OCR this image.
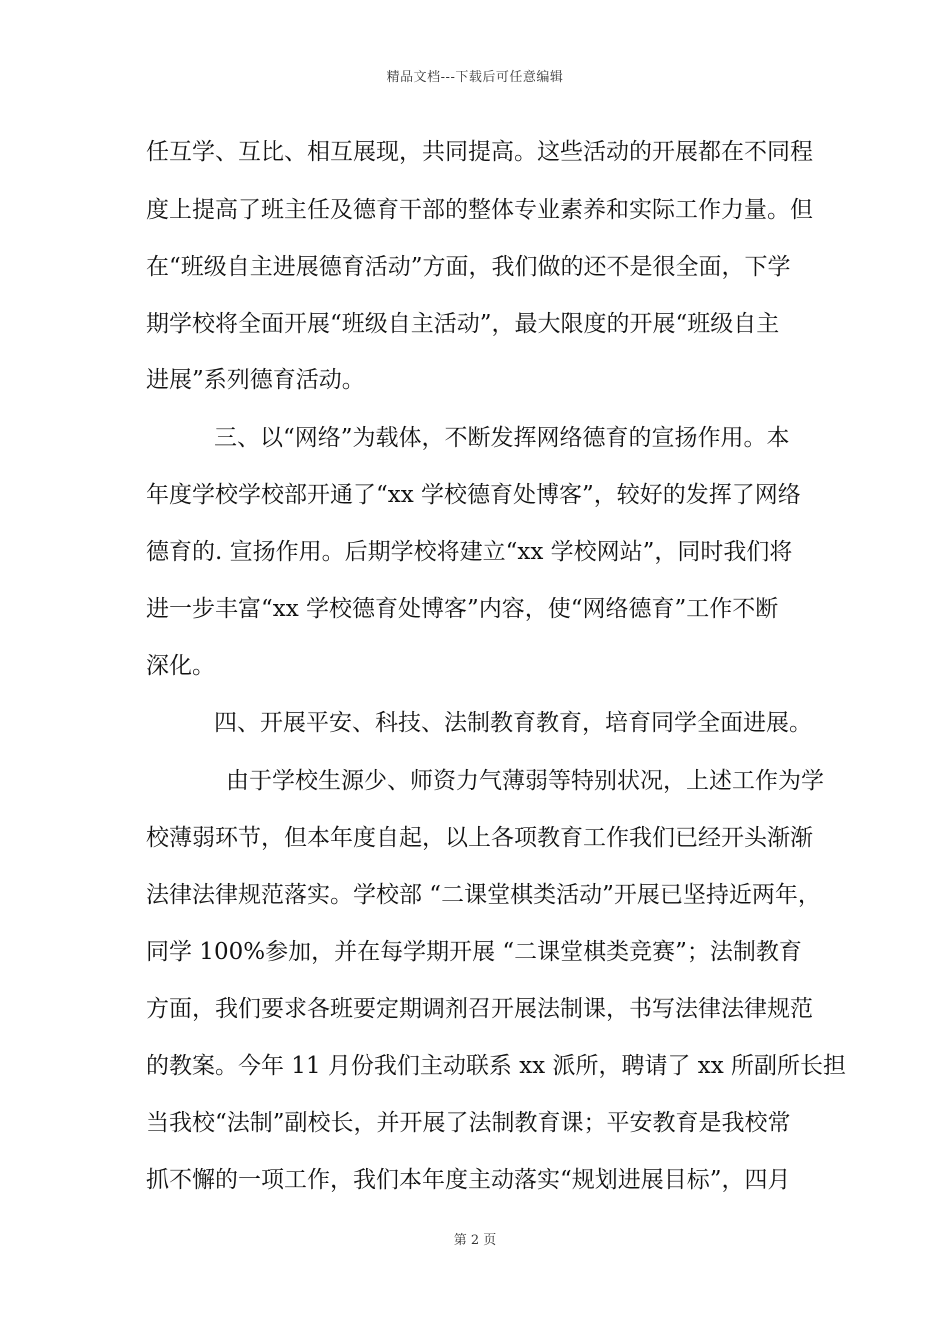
精品文档---下载后可任意编辑
任互学、互比、相互展现，共同提高。这些活动的开展都在不同程
度上提高了班主任及德育干部的整体专业素养和实际工作力量。但
在“班级自主进展德育活动”方面，我们做的还不是很全面，下学
期学校将全面开展“班级自主活动”，最大限度的开展“班级自主
进展”系列德育活动。
三、以“网络”为载体，不断发挥网络德育的宣扬作用。本
年度学校学校部开通了“xx 学校德育处博客”，较好的发挥了网络
德育的. 宣扬作用。后期学校将建立“xx 学校网站”，同时我们将
进一步丰富“xx 学校德育处博客”内容，使“网络德育”工作不断
深化。
四、开展平安、科技、法制教育教育，培育同学全面进展。
由于学校生源少、师资力气薄弱等特别状况，上述工作为学
校薄弱环节，但本年度自起，以上各项教育工作我们已经开头渐渐
法律法律规范落实。学校部 “二课堂棋类活动”开展已坚持近两年，
同学 100%参加，并在每学期开展 “二课堂棋类竞赛”；法制教育
方面，我们要求各班要定期调剂召开展法制课，书写法律法律规范
的教案。今年 11 月份我们主动联系 xx 派所，聘请了 xx 所副所长担
当我校“法制”副校长，并开展了法制教育课；平安教育是我校常
抓不懈的一项工作，我们本年度主动落实“规划进展目标”，四月
第 2 页
